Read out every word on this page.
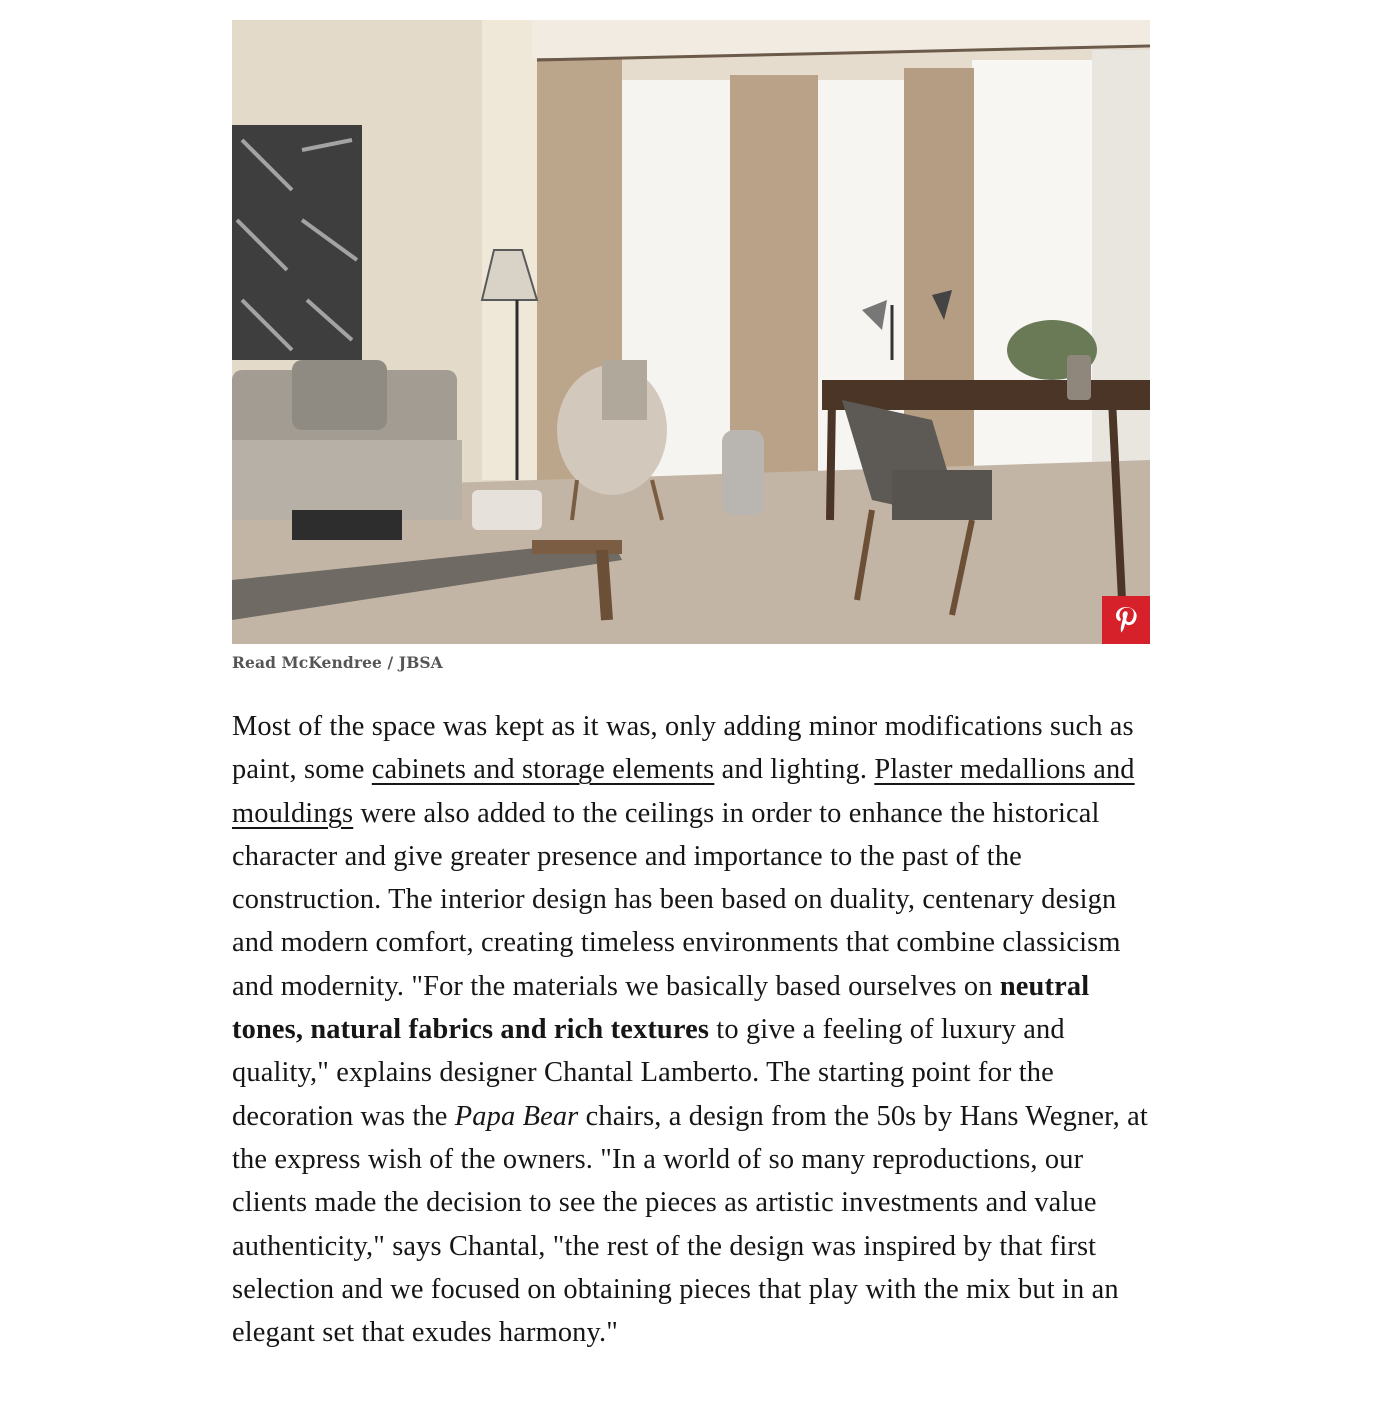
Read McKendree / JBSA

Most of the space was kept as it was, only adding minor modifications such as paint, some cabinets and storage elements and lighting. Plaster medallions and mouldings were also added to the ceilings in order to enhance the historical character and give greater presence and importance to the past of the construction. The interior design has been based on duality, centenary design and modern comfort, creating timeless environments that combine classicism and modernity. "For the materials we basically based ourselves on neutral tones, natural fabrics and rich textures to give a feeling of luxury and quality," explains designer Chantal Lamberto. The starting point for the decoration was the Papa Bear chairs, a design from the 50s by Hans Wegner, at the express wish of the owners. "In a world of so many reproductions, our clients made the decision to see the pieces as artistic investments and value authenticity," says Chantal, "the rest of the design was inspired by that first selection and we focused on obtaining pieces that play with the mix but in an elegant set that exudes harmony."
